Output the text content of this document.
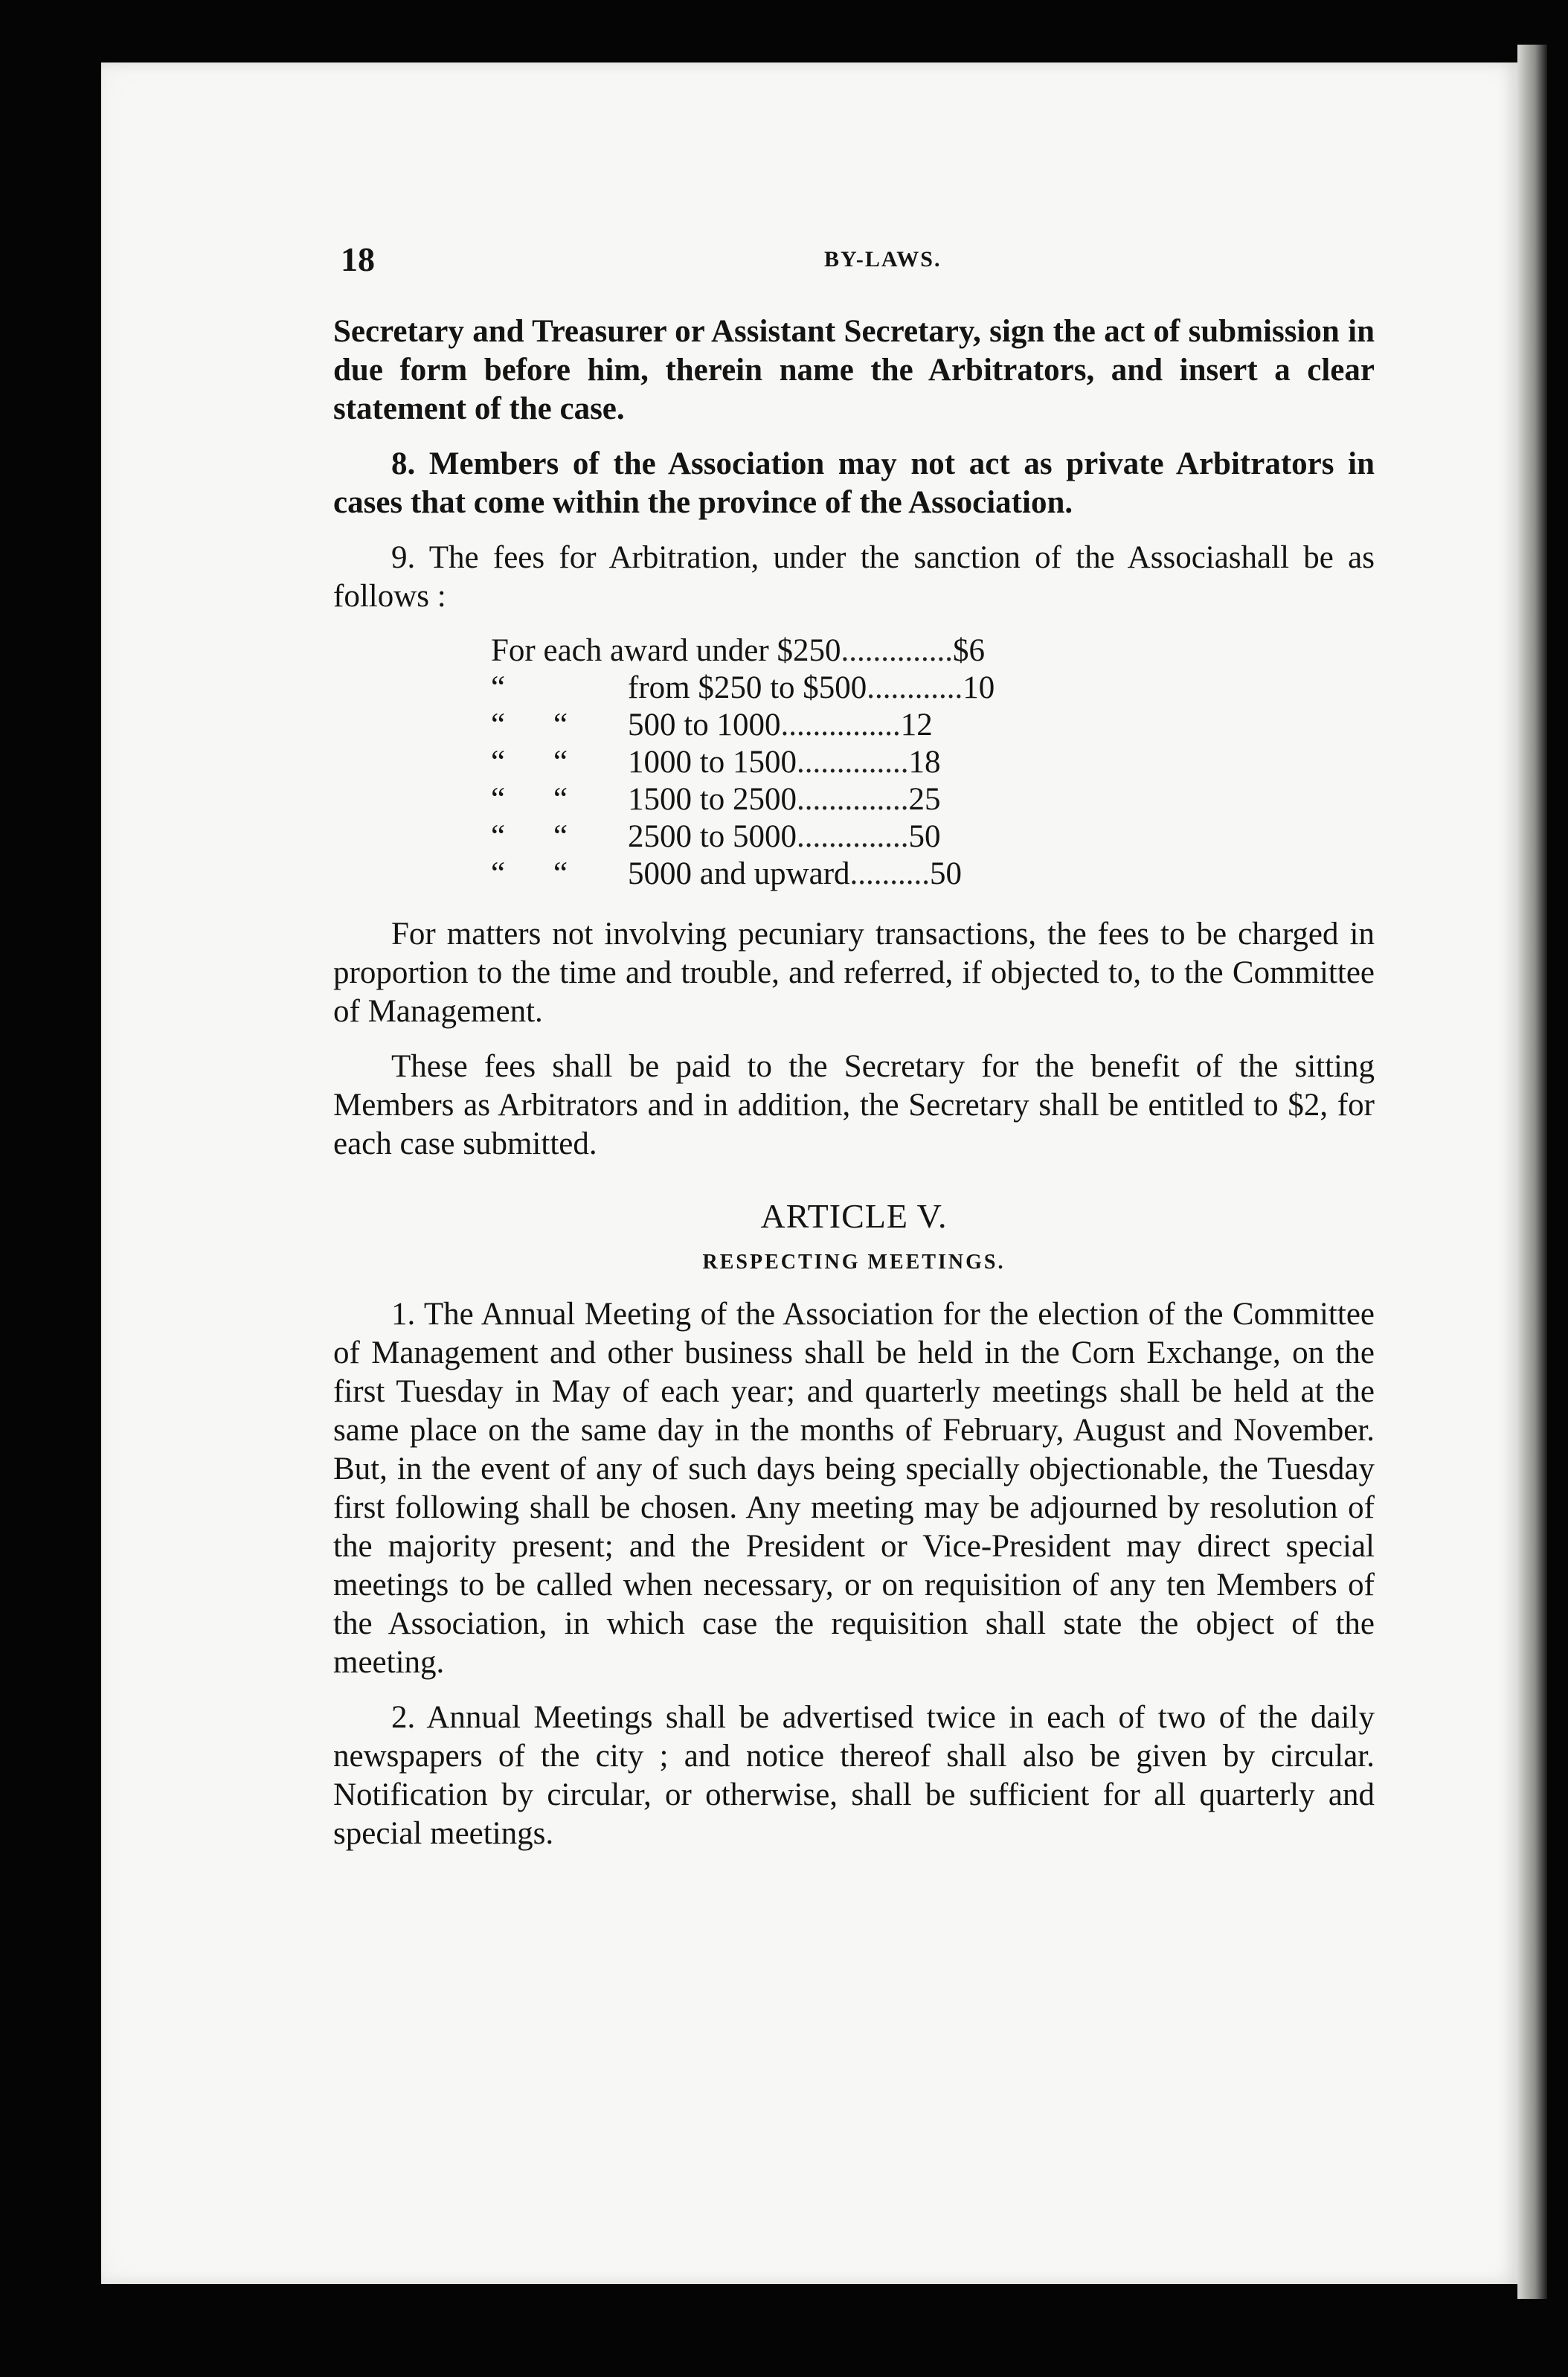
18	BY-LAWS.

Secretary and Treasurer or Assistant Secretary, sign the act of submission in due form before him, therein name the Arbitrators, and insert a clear statement of the case.

8. Members of the Association may not act as private Arbitrators in cases that come within the province of the Association.

9. The fees for Arbitration, under the sanction of the Associashall be as follows :

For each award under $250 .............. $6
“	from $250 to $500 ............ 10
“	“	500 to 1000 ............... 12
“	“	1000 to 1500 .............. 18
“	“	1500 to 2500 .............. 25
“	“	2500 to 5000 .............. 50
“	“	5000 and upward .......... 50

For matters not involving pecuniary transactions, the fees to be charged in proportion to the time and trouble, and referred, if objected to, to the Committee of Management.

These fees shall be paid to the Secretary for the benefit of the sitting Members as Arbitrators and in addition, the Secretary shall be entitled to $2, for each case submitted.

ARTICLE V.
RESPECTING MEETINGS.

1. The Annual Meeting of the Association for the election of the Committee of Management and other business shall be held in the Corn Exchange, on the first Tuesday in May of each year; and quarterly meetings shall be held at the same place on the same day in the months of February, August and November. But, in the event of any of such days being specially objectionable, the Tuesday first following shall be chosen. Any meeting may be adjourned by resolution of the majority present; and the President or Vice-President may direct special meetings to be called when necessary, or on requisition of any ten Members of the Association, in which case the requisition shall state the object of the meeting.

2. Annual Meetings shall be advertised twice in each of two of the daily newspapers of the city ; and notice thereof shall also be given by circular. Notification by circular, or otherwise, shall be sufficient for all quarterly and special meetings.
